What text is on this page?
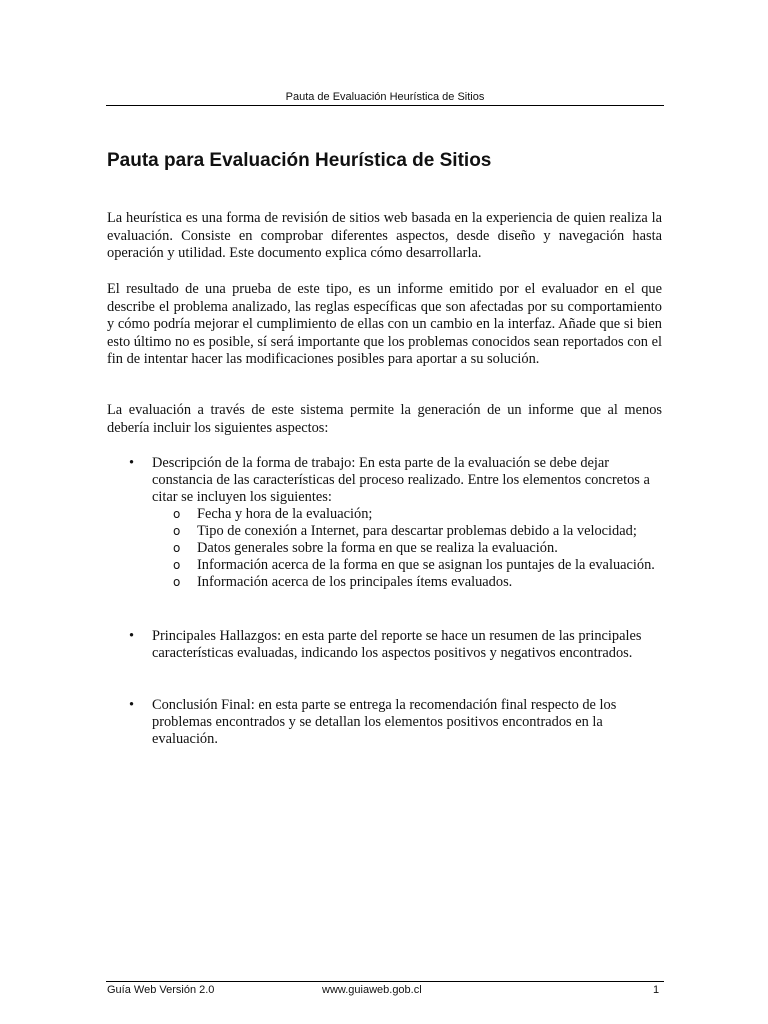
Pauta de Evaluación Heurística de Sitios
Pauta para Evaluación Heurística de Sitios

La heurística es una forma de revisión de sitios web basada en la experiencia de quien realiza la evaluación. Consiste en comprobar diferentes aspectos, desde diseño y navegación hasta operación y utilidad. Este documento explica cómo desarrollarla.

El resultado de una prueba de este tipo, es un informe emitido por el evaluador en el que describe el problema analizado, las reglas específicas que son afectadas por su comportamiento y cómo podría mejorar el cumplimiento de ellas con un cambio en la interfaz. Añade que si bien esto último no es posible, sí será importante que los problemas conocidos sean reportados con el fin de intentar hacer las modificaciones posibles para aportar a su solución.

La evaluación a través de este sistema permite la generación de un informe que al menos debería incluir los siguientes aspectos:

• Descripción de la forma de trabajo: En esta parte de la evaluación se debe dejar constancia de las características del proceso realizado. Entre los elementos concretos a citar se incluyen los siguientes:
o Fecha y hora de la evaluación;
o Tipo de conexión a Internet, para descartar problemas debido a la velocidad;
o Datos generales sobre la forma en que se realiza la evaluación.
o Información acerca de la forma en que se asignan los puntajes de la evaluación.
o Información acerca de los principales ítems evaluados.
• Principales Hallazgos: en esta parte del reporte se hace un resumen de las principales características evaluadas, indicando los aspectos positivos y negativos encontrados.
• Conclusión Final: en esta parte se entrega la recomendación final respecto de los problemas encontrados y se detallan los elementos positivos encontrados en la evaluación.
Guía Web Versión 2.0	www.guiaweb.gob.cl	1
